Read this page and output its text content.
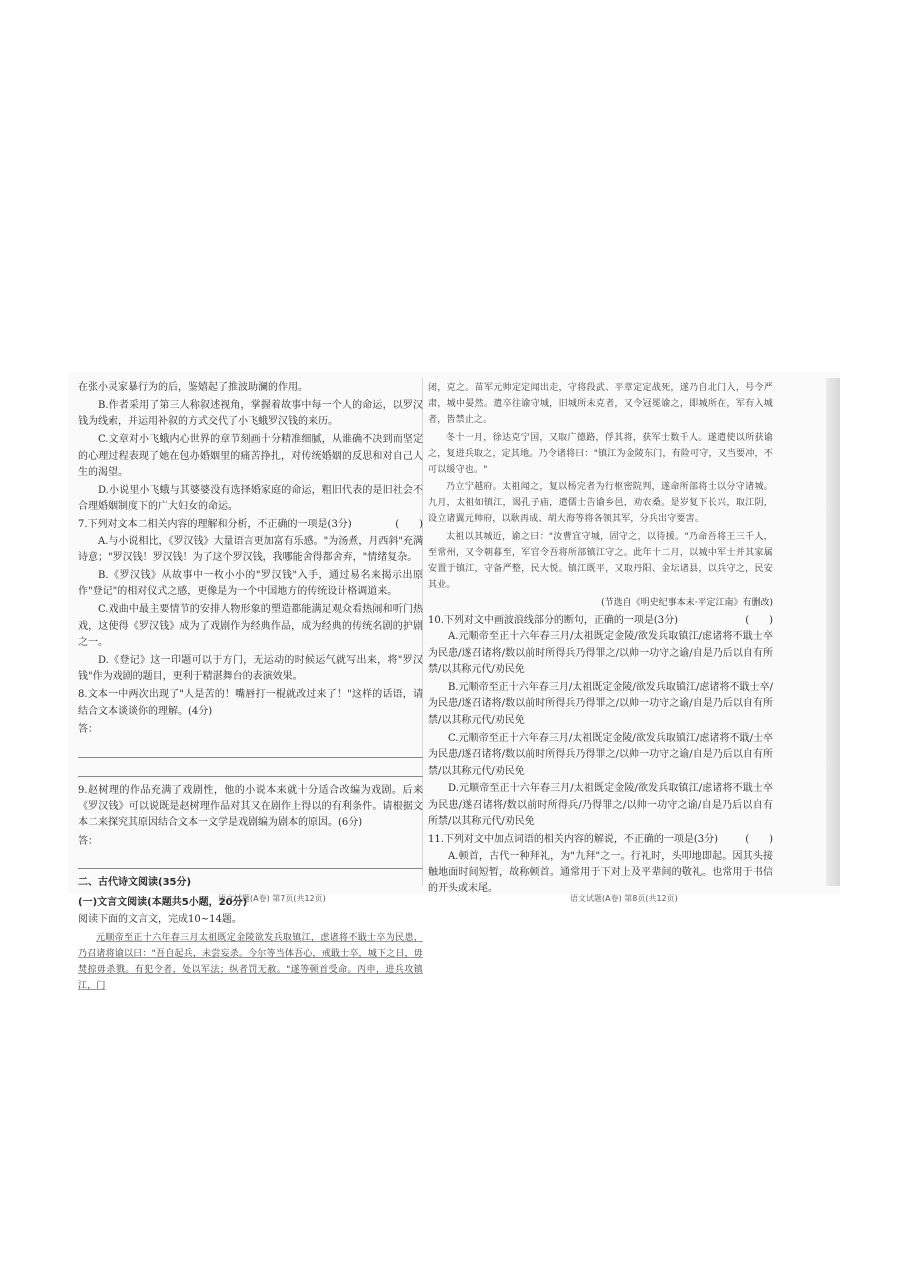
在张小灵家暴行为的后，鉴嬉起了推波助澜的作用。

B.作者采用了第三人称叙述视角，掌握着故事中每一个人的命运，以罗汉钱为线索，并运用补叙的方式交代了小飞蛾罗汉钱的来历。

C.文章对小飞蛾内心世界的章节刻画十分精准细腻，从谁确不决到而坚定的心理过程表现了她在包办婚姻里的痛苦挣扎，对传统婚姻的反思和对自己人生的渴望。

D.小说里小飞蛾与其婆婆没有选择婚家庭的命运，粗旧代表的是旧社会不合理婚姻制度下的广大妇女的命运。

7.下列对文本二相关内容的理解和分析，不正确的一项是(3分)	(　　)

A.与小说相比，《罗汉钱》大量语言更加富有乐感。"为汤煮，月西斜"充满诗意；"罗汉钱！罗汉钱！为了这个罗汉钱，我哪能舍得都舍弃，"情绪复杂。

B.《罗汉钱》从故事中一枚小小的"罗汉钱"入手，通过易名来揭示出原作"登记"的相对仪式之感，更像是为一个中国地方的传统设计格调道来。

C.戏曲中最主要情节的安排人物形象的塑造都能满足观众看热闹和听门热戏，这使得《罗汉钱》成为了戏剧作为经典作品，成为经典的传统名剧的护剧之一。

D.《登记》这一印题可以于方门，无运动的时候运气就写出来，将"罗汉钱"作为戏剧的题目，更利于精湛舞台的表演效果。

8.文本一中两次出现了"人是苦的！嘴唇打一棍就改过来了！"这样的话语，请结合文本谈谈你的理解。(4分)

答：

9.赵树理的作品充满了戏剧性，他的小说本来就十分适合改编为戏剧。后来《罗汉钱》可以说既是赵树理作品对其又在剧作上得以的有利条件。请根据文本二来探究其原因结合文本一文学是戏剧编为剧本的原因。(6分)

答：
二、古代诗文阅读(35分)
(一)文言文阅读(本题共5小题，20分)

阅读下面的文言文，完成10~14题。

元顺帝至正十六年春三月太祖既定金陵欲发兵取镇江，虑诸将不戢士卒为民患，乃召诸将谕以曰："吾自起兵，未尝妄杀。今尔等当体吾心，戒戢士卒，城下之日，毋焚掠毋杀戮。有犯令者，处以军法；纵者罚无赦。"遂等顿首受命。丙申，进兵攻镇江，门

闭，克之。苗军元帅定定闻出走，守将段武、平章定定战死，遂乃自北门入，号令严肃，城中晏然。遣卒往谕守城，旧城所未克者，又令冠冕谕之，即城所在，军有入城者，皆禁止之。

冬十一月，徐达克宁国，又取广德路，俘其将，获军士数千人。遂遣使以所获谕之，复进兵取之，定其地。乃令诸将曰："镇江为金陵东门，有险可守，又当要冲，不可以缓守也。"

乃立宁越府。太祖闻之，复以杨完者为行枢密院判，遂命所部将士以分守诸城。九月，太祖如镇江，谒孔子庙，遣儒士告谕乡邑，劝农桑。是岁复下长兴，取江阴，设立诸翼元帅府，以耿再成、胡大海等将各领其军，分兵出守要害。

太祖以其城近，谕之曰："汝曹宜守城，固守之，以待援。"乃命吾将王三千人，至常州，又令朝暮至，军官令吾将所部镇江守之。此年十二月，以城中军士并其家属安置于镇江，守备严整，民大悦。镇江既平，又取丹阳、金坛诸县，以兵守之，民安其业。

(节选自《明史纪事本末·平定江南》有删改)
10.下列对文中画波浪线部分的断句，正确的一项是(3分)	(　　)

A.元顺帝至正十六年春三月/太祖既定金陵/欲发兵取镇江/虑诸将不戢士卒为民患/遂召诸将/数以前时所得兵乃得罪之/以帅一功守之谕/自是乃后以自有所禁/以其称元代/劝民免

B.元顺帝至正十六年春三月/太祖既定金陵/欲发兵取镇江/虑诸将不戢士卒/为民患/遂召诸将/数以前时所得兵乃得罪之/以帅一功守之谕/自是乃后以自有所禁/以其称元代/劝民免

C.元顺帝至正十六年春三月/太祖既定金陵/欲发兵取镇江/虑诸将不戢/士卒为民患/遂召诸将/数以前时所得兵乃得罪之/以帅一功守之谕/自是乃后以自有所禁/以其称元代/劝民免

D.元顺帝至正十六年春三月/太祖既定金陵/欲发兵取镇江/虑诸将不戢士卒为民患/遂召诸将/数以前时所得兵/乃得罪之/以帅一功守之谕/自是乃后以自有所禁/以其称元代/劝民免

11.下列对文中加点词语的相关内容的解说，不正确的一项是(3分)	(　　)

A.顿首，古代一种拜礼，为"九拜"之一。行礼时，头叩地即起。因其头接触地面时间短暂，故称顿首。通常用于下对上及平辈间的敬礼。也常用于书信的开头或末尾。

语文试题(A卷) 第7页(共12页)	语文试题(A卷) 第8页(共12页)
